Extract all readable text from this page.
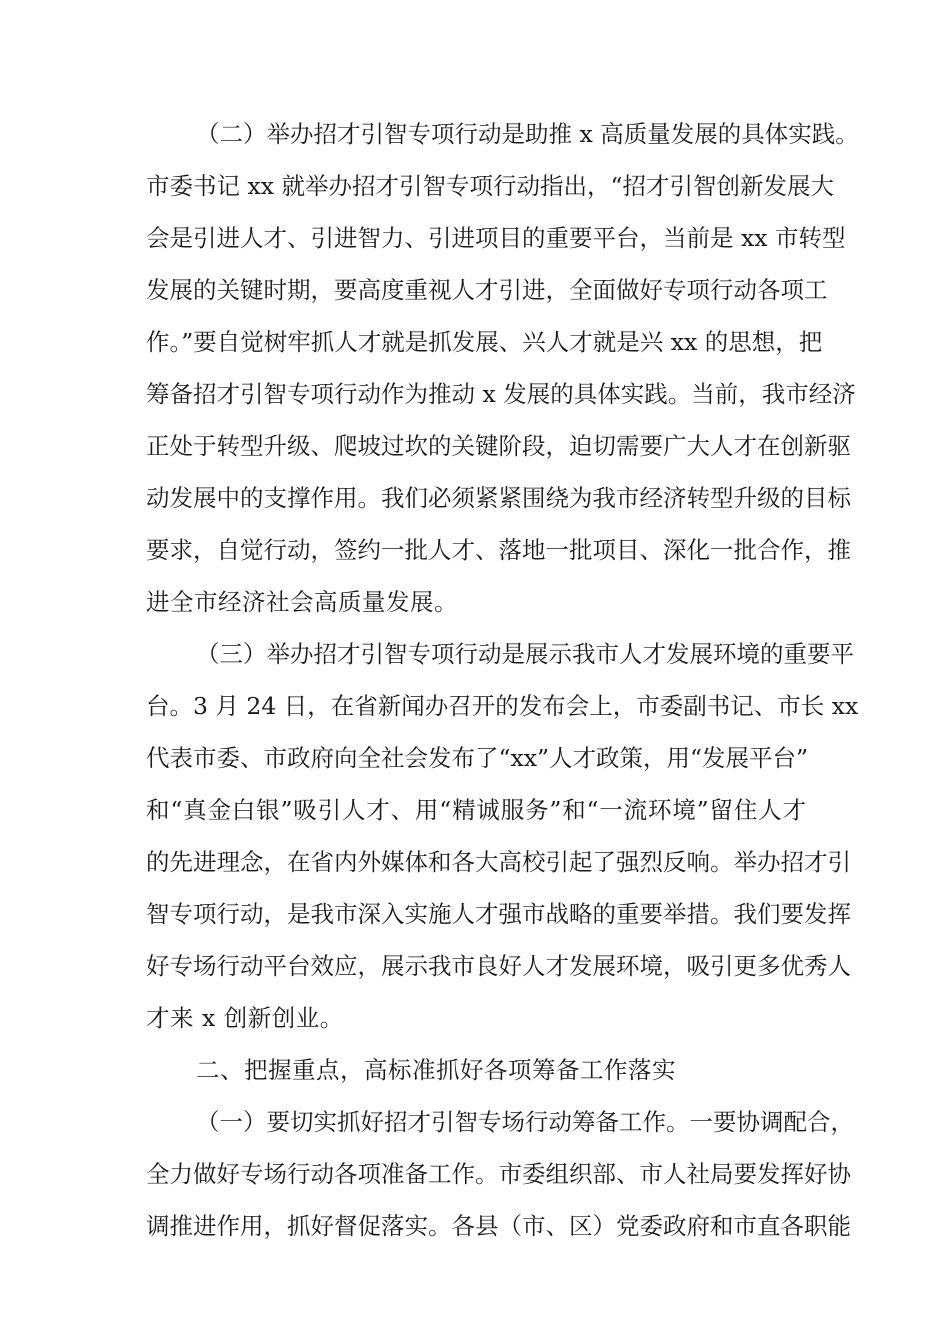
（二）举办招才引智专项行动是助推 x 高质量发展的具体实践。
市委书记 xx 就举办招才引智专项行动指出，“招才引智创新发展大
会是引进人才、引进智力、引进项目的重要平台，当前是 xx 市转型
发展的关键时期，要高度重视人才引进，全面做好专项行动各项工
作。”要自觉树牢抓人才就是抓发展、兴人才就是兴 xx 的思想，把
筹备招才引智专项行动作为推动 x 发展的具体实践。当前，我市经济
正处于转型升级、爬坡过坎的关键阶段，迫切需要广大人才在创新驱
动发展中的支撑作用。我们必须紧紧围绕为我市经济转型升级的目标
要求，自觉行动，签约一批人才、落地一批项目、深化一批合作，推
进全市经济社会高质量发展。
（三）举办招才引智专项行动是展示我市人才发展环境的重要平
台。3 月 24 日，在省新闻办召开的发布会上，市委副书记、市长 xx
代表市委、市政府向全社会发布了“xx”人才政策，用“发展平台”
和“真金白银”吸引人才、用“精诚服务”和“一流环境”留住人才
的先进理念，在省内外媒体和各大高校引起了强烈反响。举办招才引
智专项行动，是我市深入实施人才强市战略的重要举措。我们要发挥
好专场行动平台效应，展示我市良好人才发展环境，吸引更多优秀人
才来 x 创新创业。
二、把握重点，高标准抓好各项筹备工作落实
（一）要切实抓好招才引智专场行动筹备工作。一要协调配合，
全力做好专场行动各项准备工作。市委组织部、市人社局要发挥好协
调推进作用，抓好督促落实。各县（市、区）党委政府和市直各职能
